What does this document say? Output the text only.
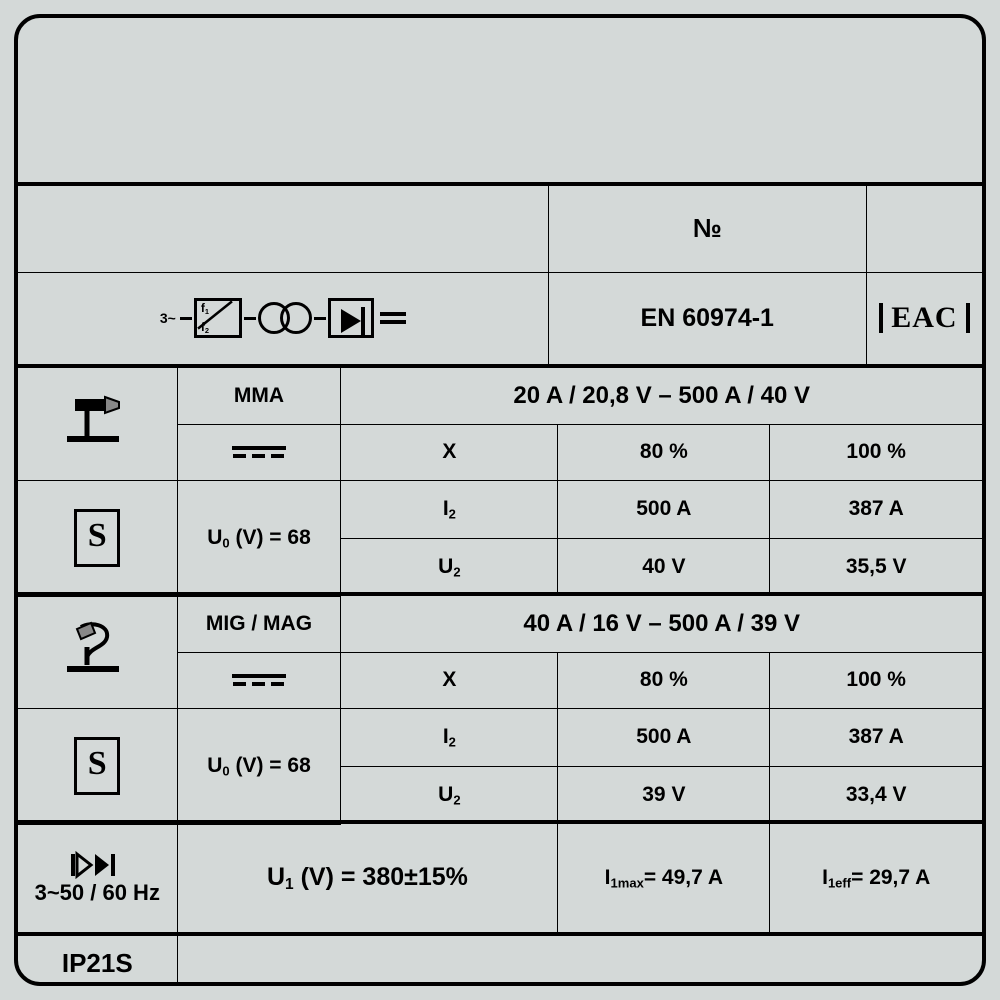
	№	

3~
$f_1$
$f_2$	EN 60974-1	EAC
	MMA	20 A / 20,8 V – 500 A / 40 V		

		X	80 %	100 %
S	$U_0$ (V) = 68	$I_2$	500 A	387 A
		$U_2$	40 V	35,5 V
	MIG / MAG	40 A / 16 V – 500 A / 39 V		

		X	80 %	100 %
S	$U_0$ (V) = 68	$I_2$	500 A	387 A
		$U_2$	39 V	33,4 V
3~50 / 60 Hz	$U_1$ (V) = 380±15%	$I_{1max}= 49,7$ A	$I_{1eff}= 29,7$ A
IP21S	
